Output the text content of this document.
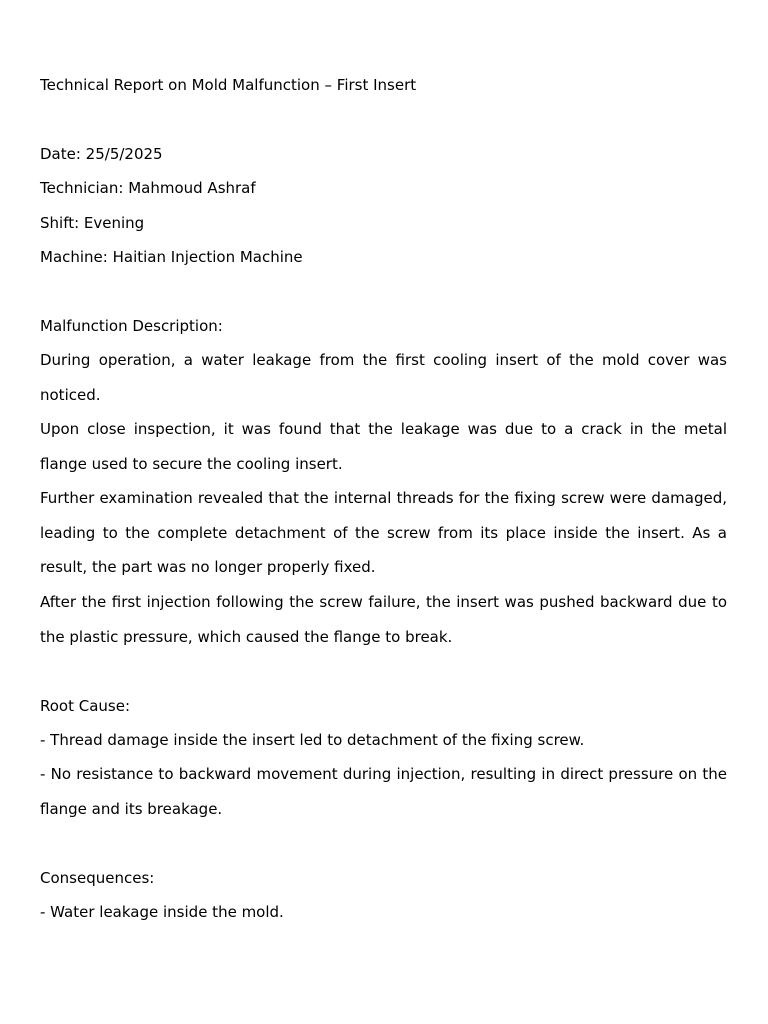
Technical Report on Mold Malfunction – First Insert
Date: 25/5/2025
Technician: Mahmoud Ashraf
Shift: Evening
Machine: Haitian Injection Machine
Malfunction Description:
During operation, a water leakage from the first cooling insert of the mold cover was noticed.
Upon close inspection, it was found that the leakage was due to a crack in the metal flange used to secure the cooling insert.
Further examination revealed that the internal threads for the fixing screw were damaged, leading to the complete detachment of the screw from its place inside the insert. As a result, the part was no longer properly fixed.
After the first injection following the screw failure, the insert was pushed backward due to the plastic pressure, which caused the flange to break.
Root Cause:
- Thread damage inside the insert led to detachment of the fixing screw.
- No resistance to backward movement during injection, resulting in direct pressure on the flange and its breakage.
Consequences:
- Water leakage inside the mold.
